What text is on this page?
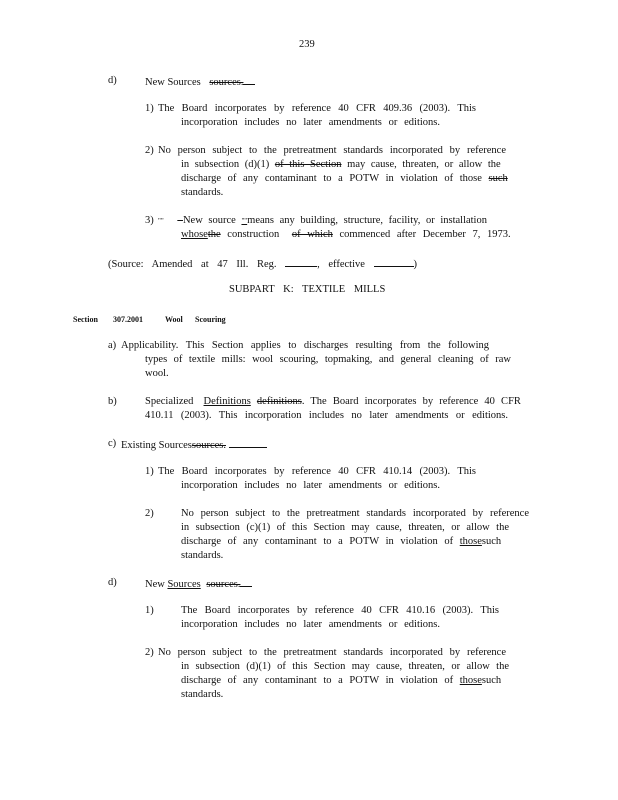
239
d)	New Sources sources.
1) The Board incorporates by reference 40 CFR 409.36 (2003). This
incorporation includes no later amendments or editions.
2) No person subject to the pretreatment standards incorporated by reference
in subsection (d)(1) of this Section may cause, threaten, or allow the
discharge of any contaminant to a POTW in violation of those such
standards.
3) "" New source ""means any building, structure, facility, or installation
whosethe construction of which commenced after December 7, 1973.
(Source: Amended at 47 Ill. Reg.	, effective	)
SUBPART K: TEXTILE MILLS
Section 307.2001	Wool Scouring
a) Applicability. This Section applies to discharges resulting from the following
types of textile mills: wool scouring, topmaking, and general cleaning of raw
wool.
b)	Specialized Definitions definitions. The Board incorporates by reference 40 CFR
410.11 (2003). This incorporation includes no later amendments or editions.
c) Existing Sourcessources.
1) The Board incorporates by reference 40 CFR 410.14 (2003). This
incorporation includes no later amendments or editions.
2)	No person subject to the pretreatment standards incorporated by reference
in subsection (c)(1) of this Section may cause, threaten, or allow the
discharge of any contaminant to a POTW in violation of thosesuch
standards.
d)	New Sources sources.
1)	The Board incorporates by reference 40 CFR 410.16 (2003). This
incorporation includes no later amendments or editions.
2) No person subject to the pretreatment standards incorporated by reference
in subsection (d)(1) of this Section may cause, threaten, or allow the
discharge of any contaminant to a POTW in violation of thosesuch
standards.
